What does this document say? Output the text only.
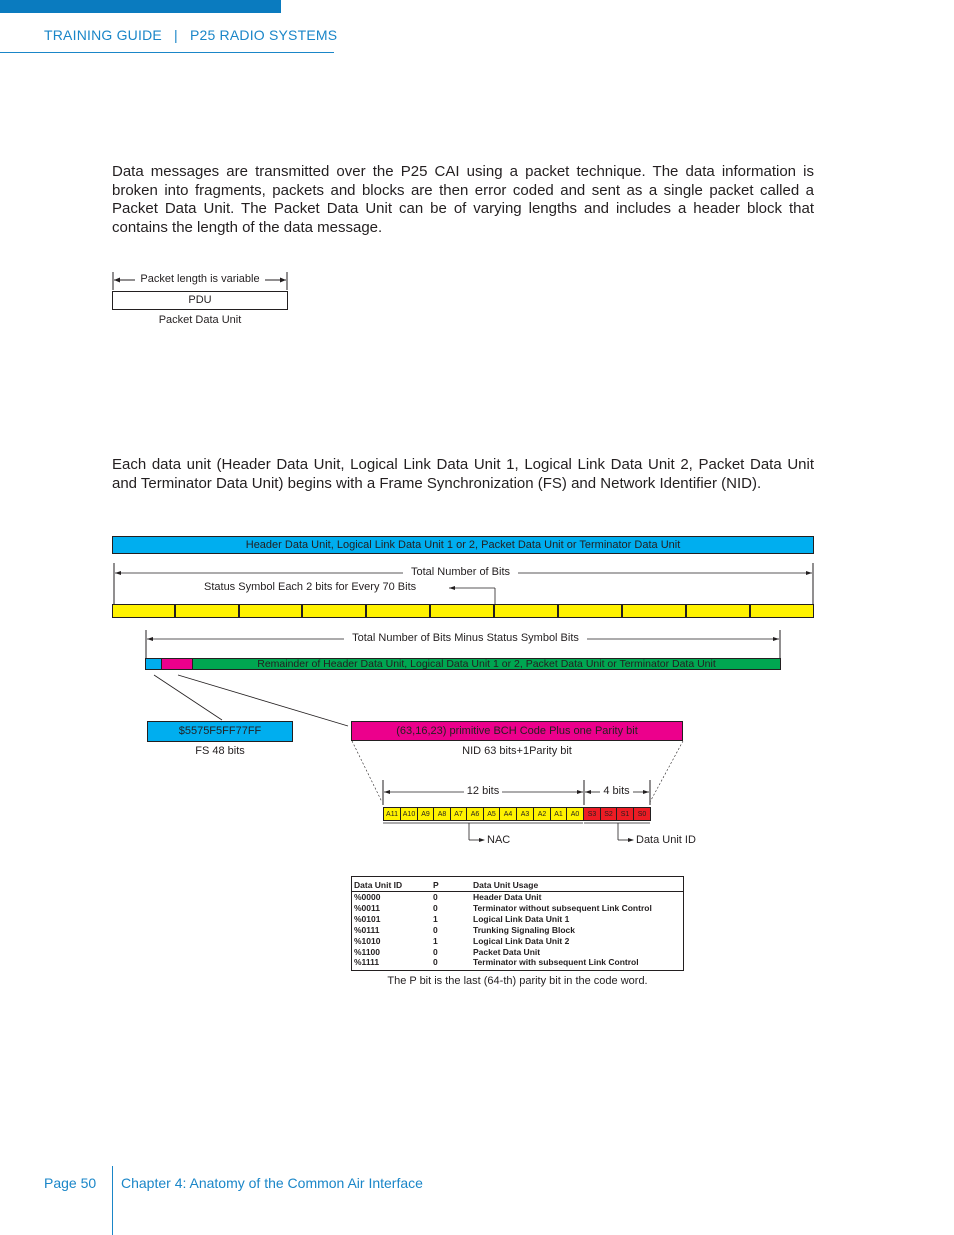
TRAINING GUIDE | P25 RADIO SYSTEMS
Data messages are transmitted over the P25 CAI using a packet technique. The data information is broken into fragments, packets and blocks are then error coded and sent as a single packet called a Packet Data Unit. The Packet Data Unit can be of varying lengths and includes a header block that contains the length of the data message.
Packet length is variable
PDU
Packet Data Unit
Each data unit (Header Data Unit, Logical Link Data Unit 1, Logical Link Data Unit 2, Packet Data Unit and Terminator Data Unit) begins with a Frame Synchronization (FS) and Network Identifier (NID).
Header Data Unit, Logical Link Data Unit 1 or 2, Packet Data Unit or Terminator Data Unit
Total Number of Bits
Status Symbol Each 2 bits for Every 70 Bits
Total Number of Bits Minus Status Symbol Bits
Remainder of Header Data Unit, Logical Data Unit 1 or 2, Packet Data Unit or Terminator Data Unit
$5575F5FF77FF
FS 48 bits
(63,16,23) primitive BCH Code Plus one Parity bit
NID 63 bits+1Parity bit
12 bits	4 bits
A11 A10 A9	A8	A7	A6	A5	A4	A3	A2	A1	A0	S3	S2	S1	S0
NAC	Data Unit ID
Data Unit ID	P	Data Unit Usage
%0000	0	Header Data Unit
%0011	0	Terminator without subsequent Link Control
%0101	1	Logical Link Data Unit 1
%0111	0	Trunking Signaling Block
%1010	1	Logical Link Data Unit 2
%1100	0	Packet Data Unit
%1111	0	Terminator with subsequent Link Control
The P bit is the last (64-th) parity bit in the code word.
Page 50 Chapter 4: Anatomy of the Common Air Interface
